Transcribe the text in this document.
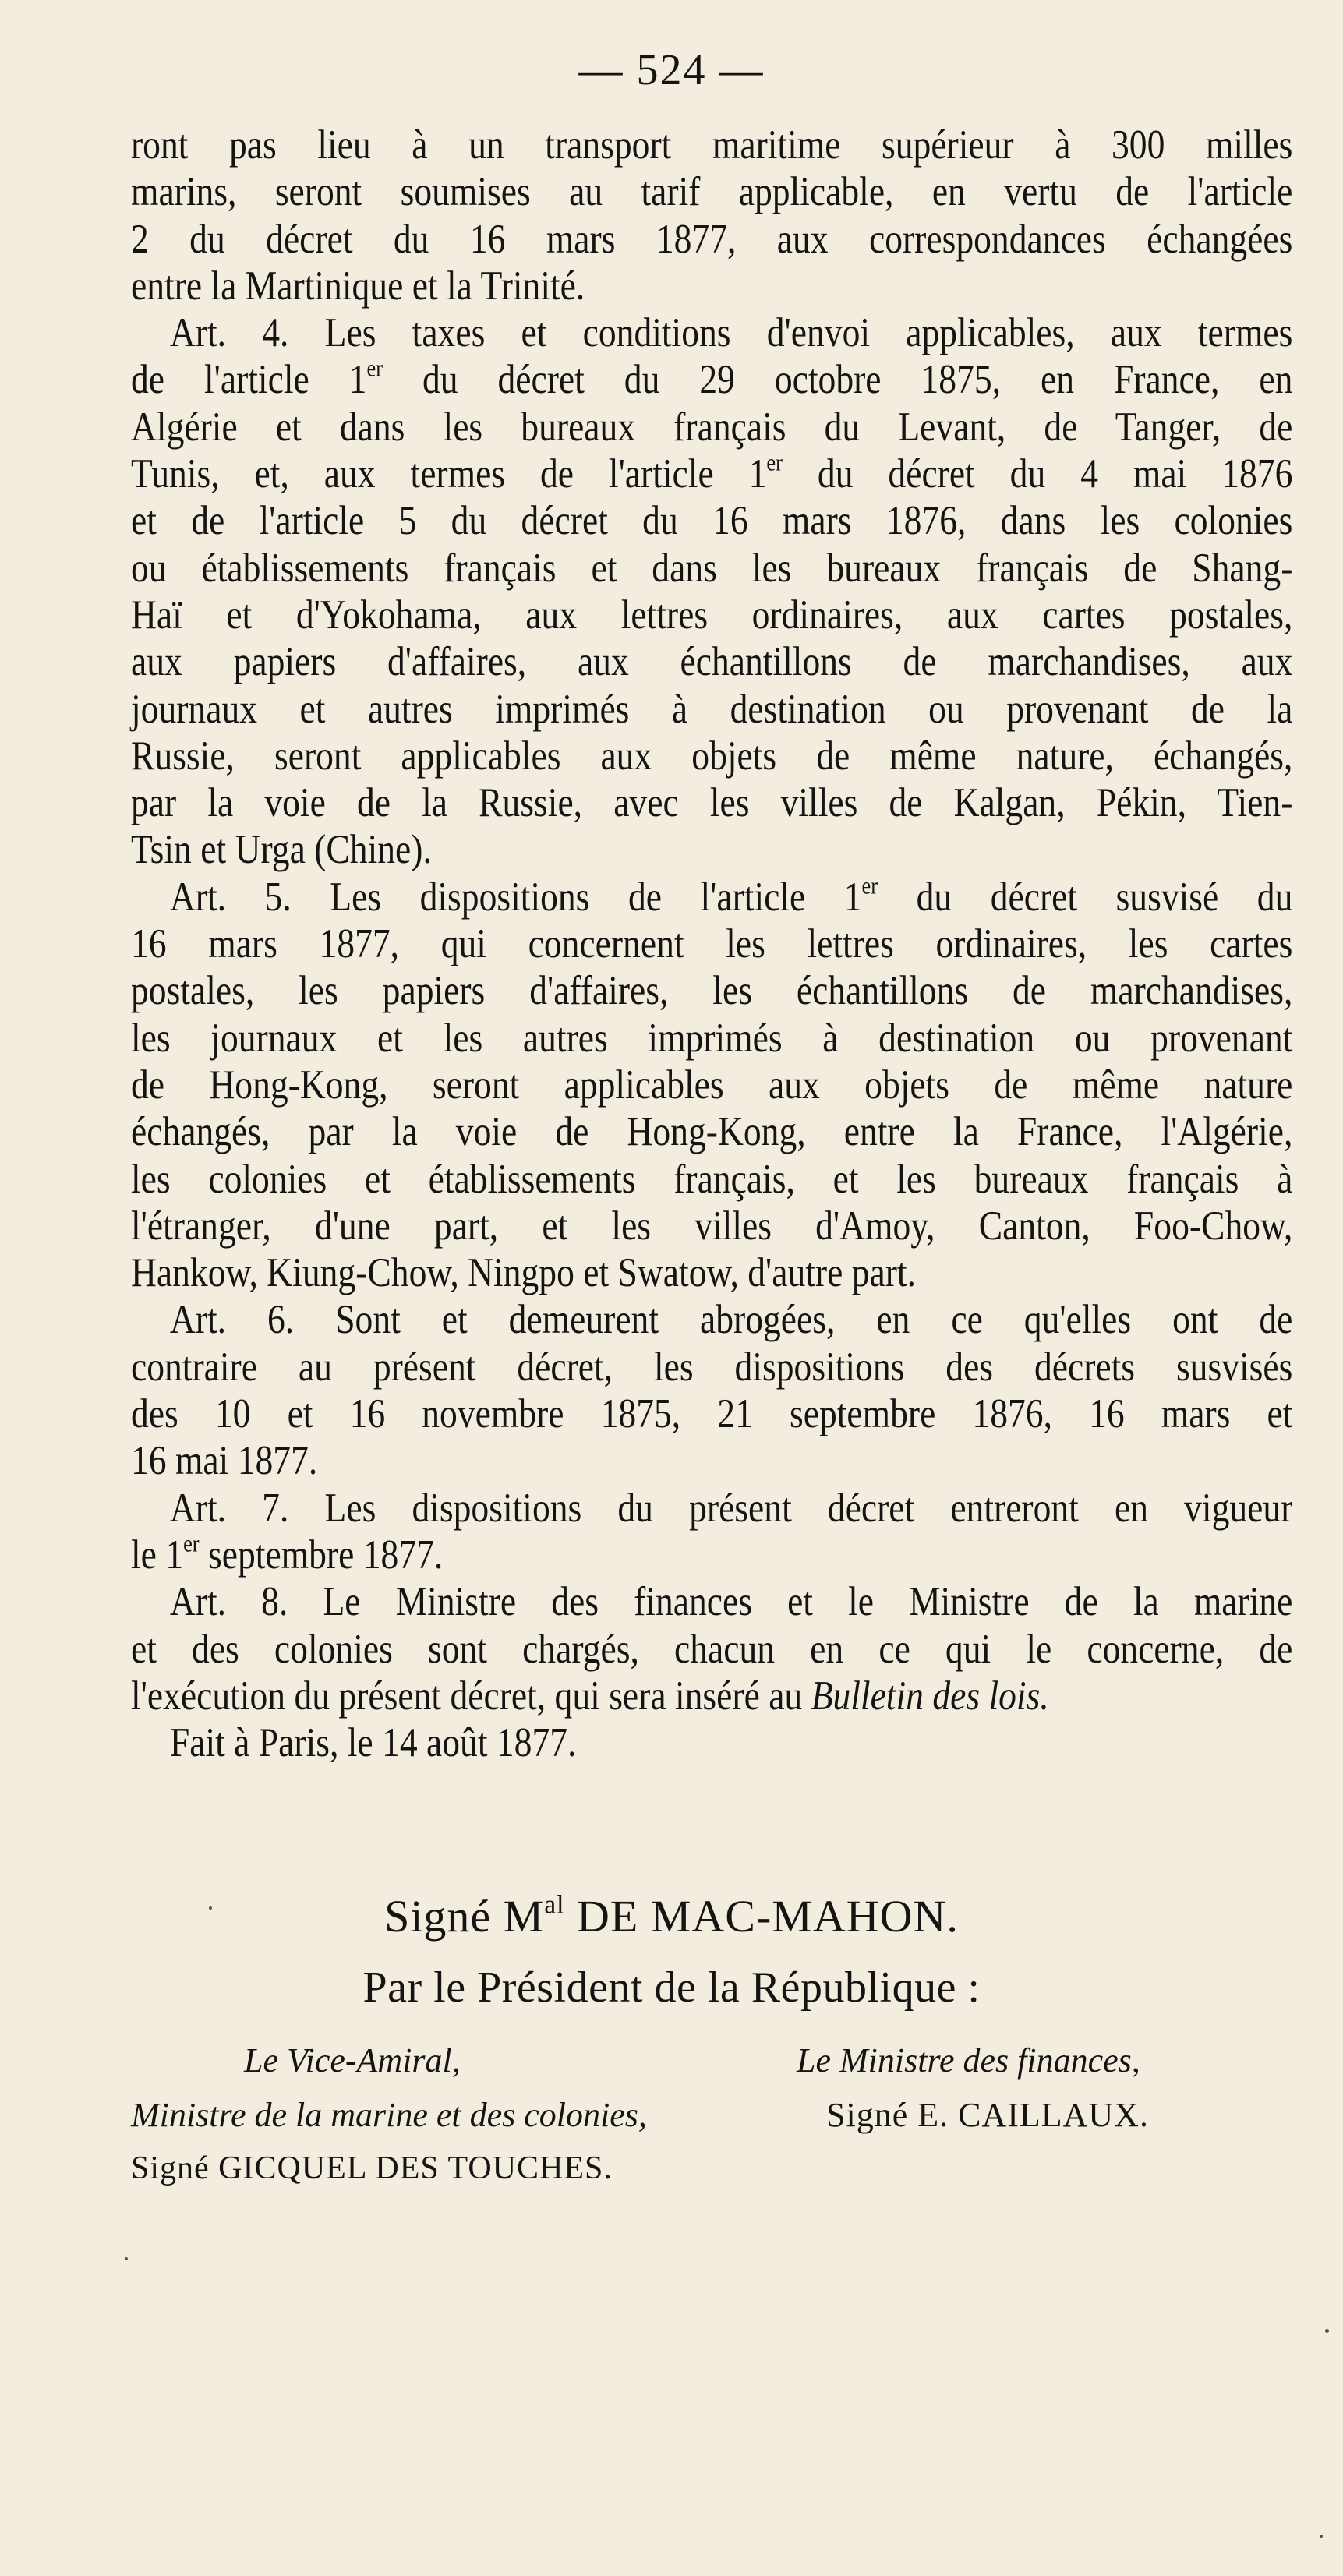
— 524 —
ront pas lieu à un transport maritime supérieur à 300 milles
marins, seront soumises au tarif applicable, en vertu de l'article
2 du décret du 16 mars 1877, aux correspondances échangées
entre la Martinique et la Trinité.
Art. 4. Les taxes et conditions d'envoi applicables, aux termes
de l'article 1er du décret du 29 octobre 1875, en France, en
Algérie et dans les bureaux français du Levant, de Tanger, de
Tunis, et, aux termes de l'article 1er du décret du 4 mai 1876
et de l'article 5 du décret du 16 mars 1876, dans les colonies
ou établissements français et dans les bureaux français de Shang-
Haï et d'Yokohama, aux lettres ordinaires, aux cartes postales,
aux papiers d'affaires, aux échantillons de marchandises, aux
journaux et autres imprimés à destination ou provenant de la
Russie, seront applicables aux objets de même nature, échangés,
par la voie de la Russie, avec les villes de Kalgan, Pékin, Tien-
Tsin et Urga (Chine).
Art. 5. Les dispositions de l'article 1er du décret susvisé du
16 mars 1877, qui concernent les lettres ordinaires, les cartes
postales, les papiers d'affaires, les échantillons de marchandises,
les journaux et les autres imprimés à destination ou provenant
de Hong-Kong, seront applicables aux objets de même nature
échangés, par la voie de Hong-Kong, entre la France, l'Algérie,
les colonies et établissements français, et les bureaux français à
l'étranger, d'une part, et les villes d'Amoy, Canton, Foo-Chow,
Hankow, Kiung-Chow, Ningpo et Swatow, d'autre part.
Art. 6. Sont et demeurent abrogées, en ce qu'elles ont de
contraire au présent décret, les dispositions des décrets susvisés
des 10 et 16 novembre 1875, 21 septembre 1876, 16 mars et
16 mai 1877.
Art. 7. Les dispositions du présent décret entreront en vigueur
le 1er septembre 1877.
Art. 8. Le Ministre des finances et le Ministre de la marine
et des colonies sont chargés, chacun en ce qui le concerne, de
l'exécution du présent décret, qui sera inséré au Bulletin des lois.
Fait à Paris, le 14 août 1877.
Signé $M^{al}$ DE MAC-MAHON.
Par le Président de la République :
Le Vice-Amiral,
Ministre de la marine et des colonies,
Signé GICQUEL DES TOUCHES.
Le Ministre des finances,
Signé E. CAILLAUX.
